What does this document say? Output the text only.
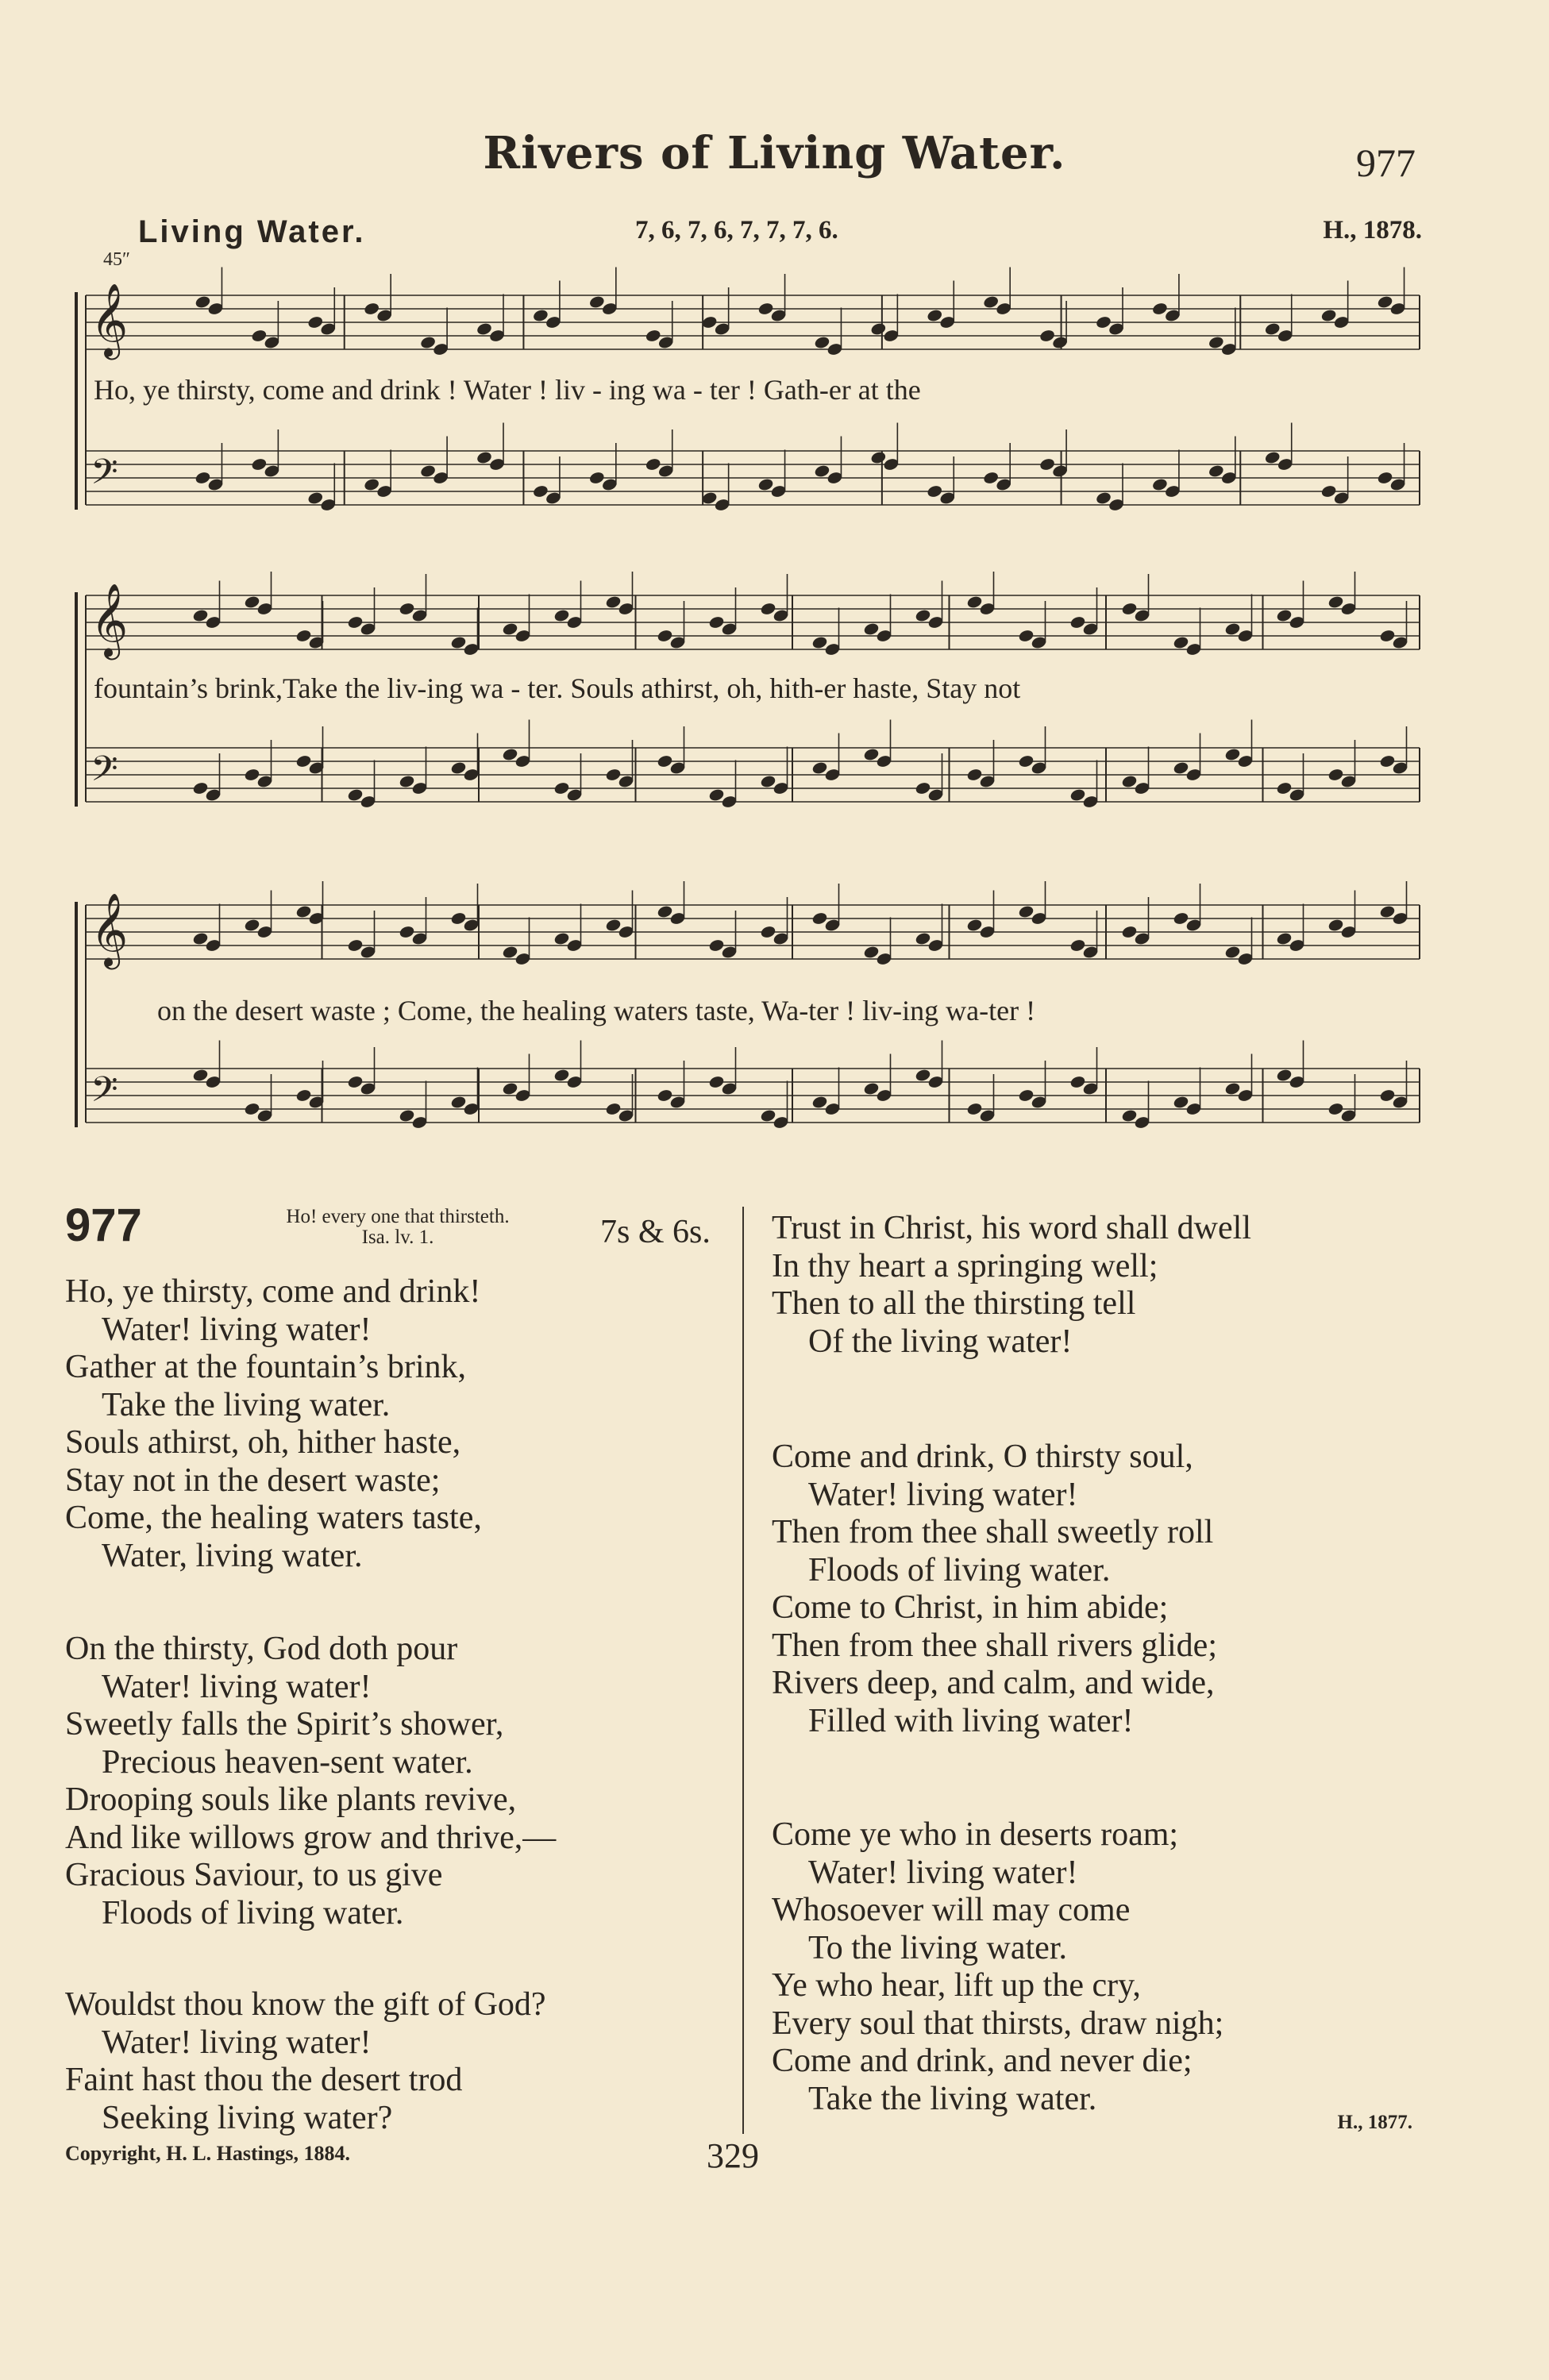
Rivers of Living Water.	977
Living Water.	7, 6, 7, 6, 7, 7, 7, 6.	H., 1878.
45″
𝄞
𝄢
Ho, ye thirsty, come and drink ! Water ! liv - ing wa - ter ! Gath-er at the
𝄞
𝄢
fountain’s brink,Take the liv-ing wa - ter. Souls athirst, oh, hith-er haste, Stay not
𝄞
𝄢
on the desert waste ; Come, the healing waters taste, Wa-ter ! liv-ing wa-ter !
977	Ho! every one that thirsteth.
Isa. lv. 1.	7s & 6s.
Ho, ye thirsty, come and drink!
Water! living water!
Gather at the fountain’s brink,
Take the living water.
Souls athirst, oh, hither haste,
Stay not in the desert waste;
Come, the healing waters taste,
Water, living water.
On the thirsty, God doth pour
Water! living water!
Sweetly falls the Spirit’s shower,
Precious heaven-sent water.
Drooping souls like plants revive,
And like willows grow and thrive,—
Gracious Saviour, to us give
Floods of living water.
Wouldst thou know the gift of God?
Water! living water!
Faint hast thou the desert trod
Seeking living water?
Trust in Christ, his word shall dwell
In thy heart a springing well;
Then to all the thirsting tell
Of the living water!
Come and drink, O thirsty soul,
Water! living water!
Then from thee shall sweetly roll
Floods of living water.
Come to Christ, in him abide;
Then from thee shall rivers glide;
Rivers deep, and calm, and wide,
Filled with living water!
Come ye who in deserts roam;
Water! living water!
Whosoever will may come
To the living water.
Ye who hear, lift up the cry,
Every soul that thirsts, draw nigh;
Come and drink, and never die;
Take the living water.
H., 1877.
Copyright, H. L. Hastings, 1884.	329
